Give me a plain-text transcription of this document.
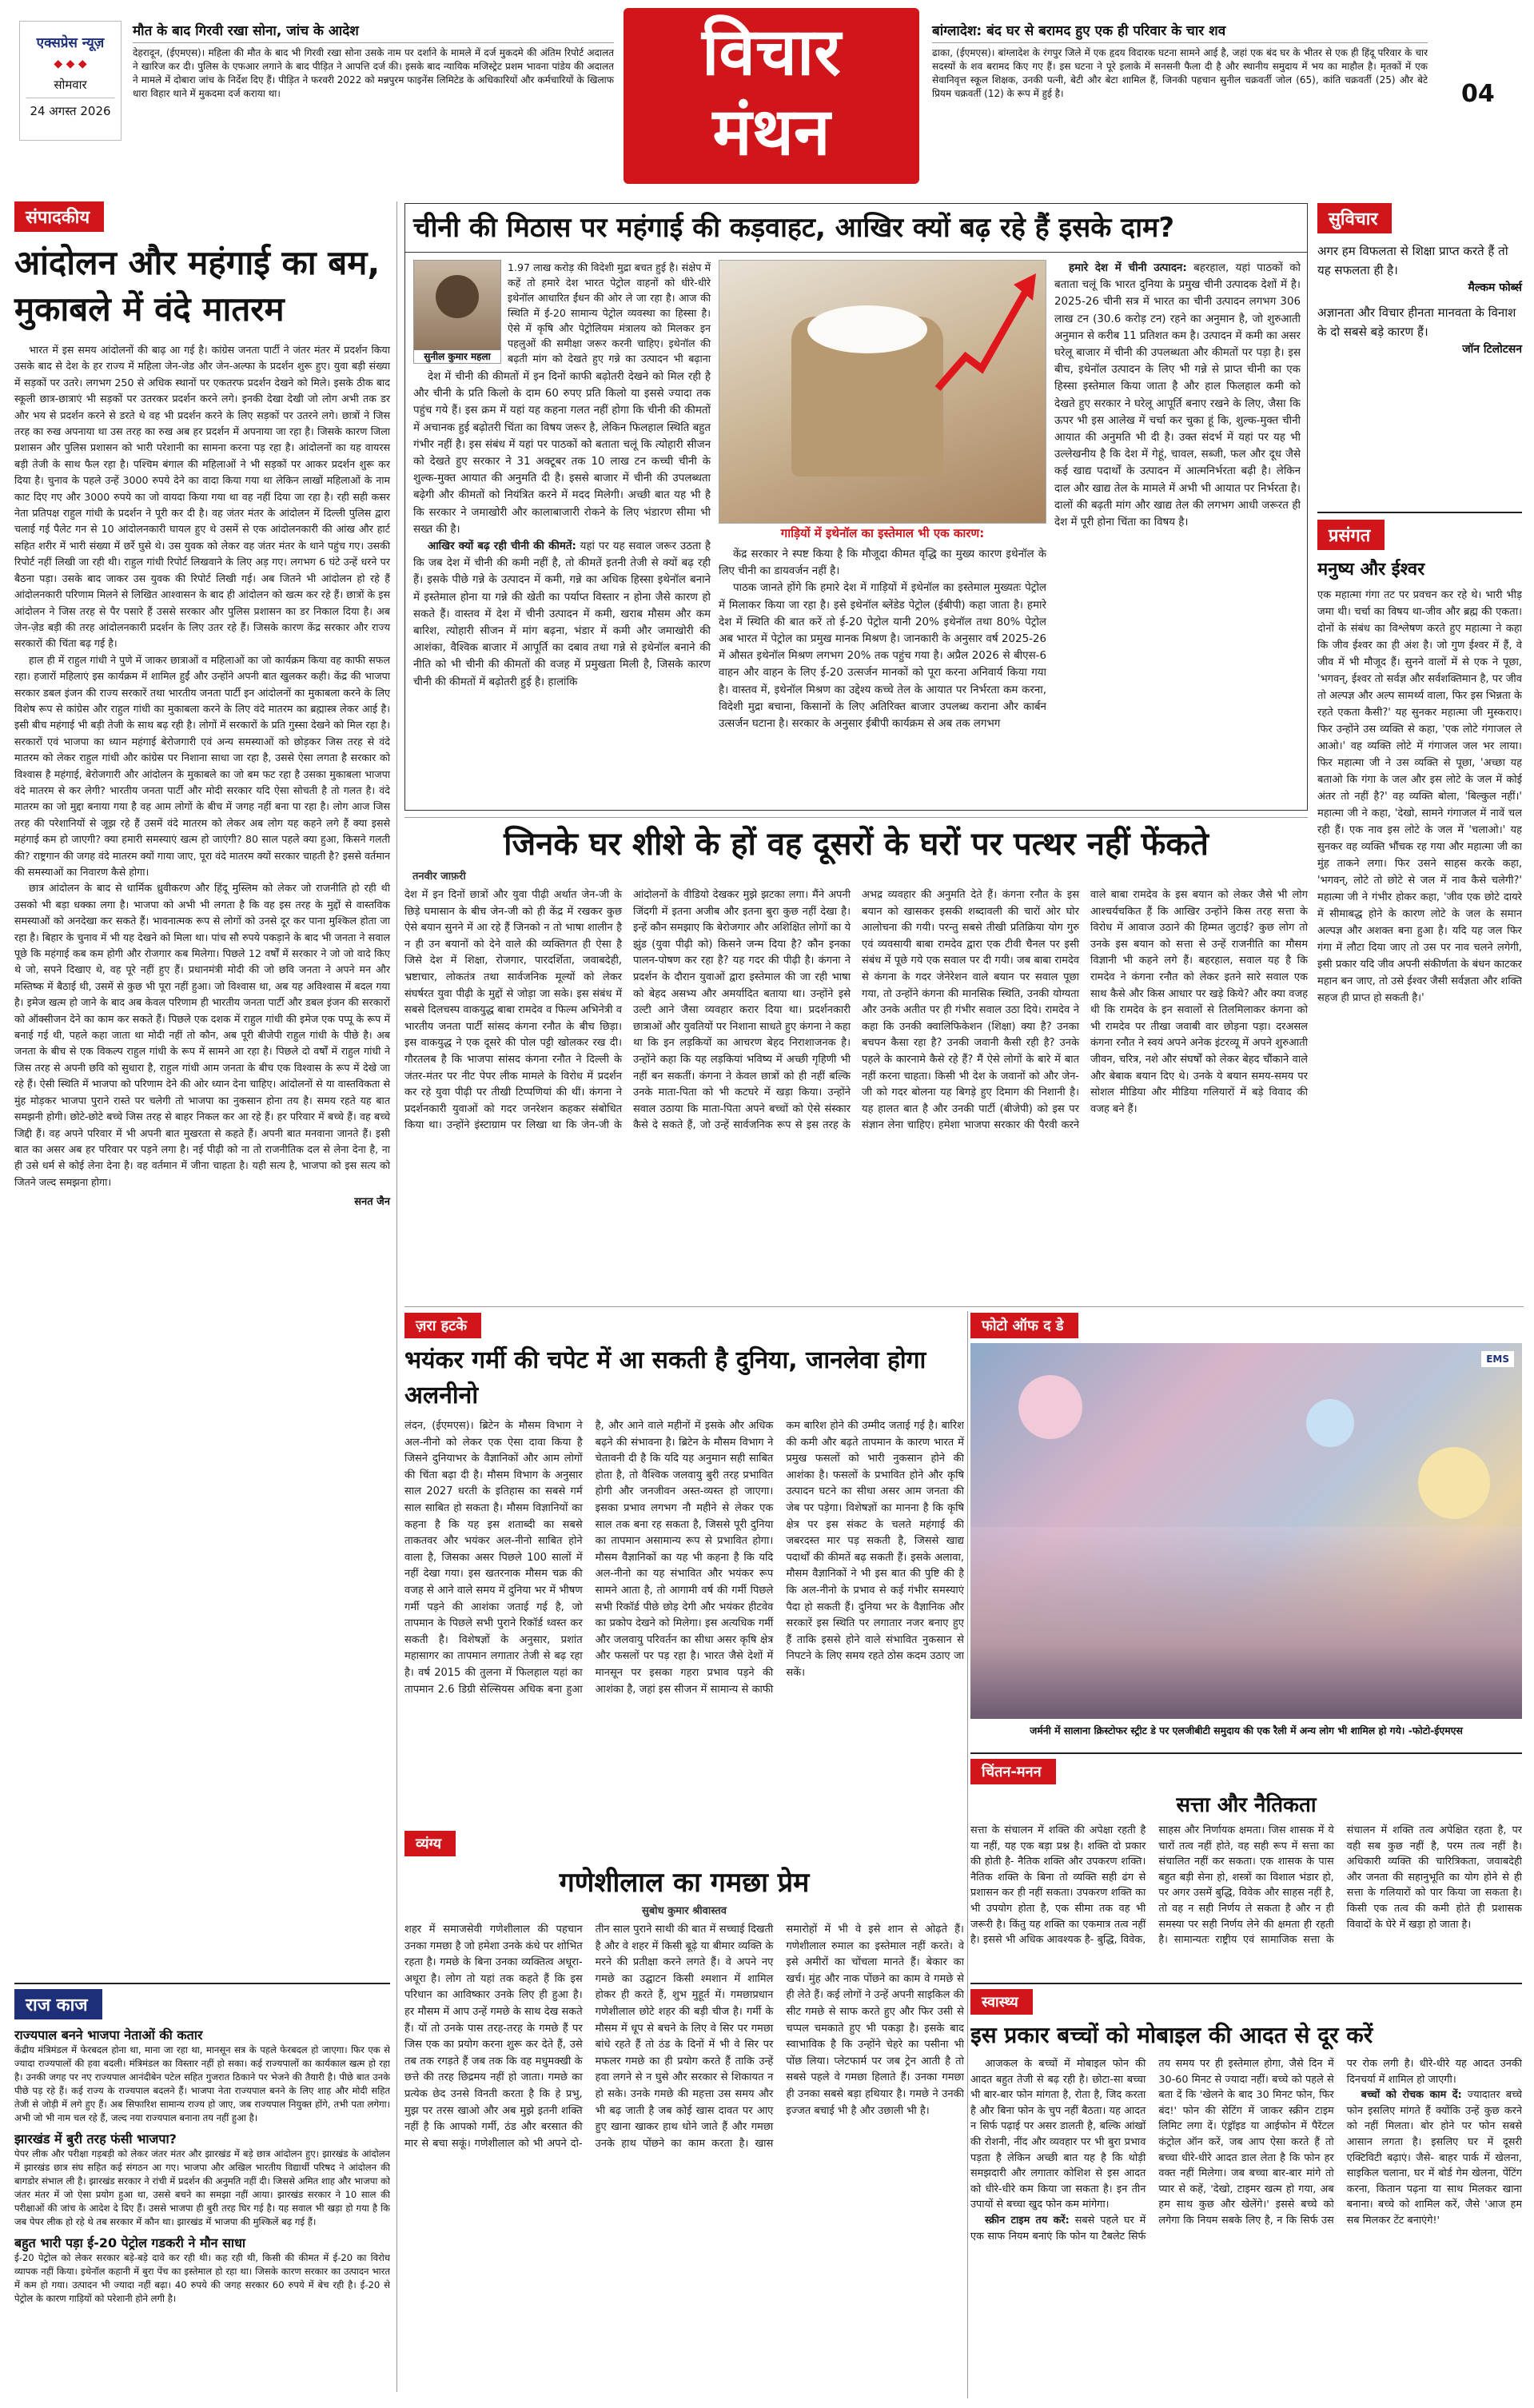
एक्सप्रेस न्यूज़
◆ ◆ ◆
सोमवार
24 अगस्त 2026
मौत के बाद गिरवी रखा सोना, जांच के आदेश
देहरादून, (ईएमएस)। महिला की मौत के बाद भी गिरवी रखा सोना उसके नाम पर दर्शाने के मामले में दर्ज मुकदमे की अंतिम रिपोर्ट अदालत ने खारिज कर दी। पुलिस के एफआर लगाने के बाद पीड़ित ने आपत्ति दर्ज की। इसके बाद न्यायिक मजिस्ट्रेट प्रशम भावना पांडेय की अदालत ने मामले में दोबारा जांच के निर्देश दिए हैं। पीड़ित ने फरवरी 2022 को मन्नपुरम फाइनेंस लिमिटेड के अधिकारियों और कर्मचारियों के खिलाफ धारा विहार थाने में मुकदमा दर्ज कराया था।
विचार
मंथन
बांग्लादेश: बंद घर से बरामद हुए एक ही परिवार के चार शव
ढाका, (ईएमएस)। बांग्लादेश के रंगपुर जिले में एक हृदय विदारक घटना सामने आई है, जहां एक बंद घर के भीतर से एक ही हिंदू परिवार के चार सदस्यों के शव बरामद किए गए हैं। इस घटना ने पूरे इलाके में सनसनी फैला दी है और स्थानीय समुदाय में भय का माहौल है। मृतकों में एक सेवानिवृत्त स्कूल शिक्षक, उनकी पत्नी, बेटी और बेटा शामिल हैं, जिनकी पहचान सुनील चक्रवर्ती जोल (65), कांति चक्रवर्ती (25) और बेटे प्रियम चक्रवर्ती (12) के रूप में हुई है।	04
संपादकीय
आंदोलन और महंगाई का बम, मुकाबले में वंदे मातरम

भारत में इस समय आंदोलनों की बाढ़ आ गई है। कांग्रेस जनता पार्टी ने जंतर मंतर में प्रदर्शन किया उसके बाद से देश के हर राज्य में महिला जेन-जेड और जेन-अल्फा के प्रदर्शन शुरू हुए। युवा बड़ी संख्या में सड़कों पर उतरे। लगभग 250 से अधिक स्थानों पर एकतरफ प्रदर्शन देखने को मिले। इसके ठीक बाद स्कूली छात्र-छात्राएं भी सड़कों पर उतरकर प्रदर्शन करने लगे। इनकी देखा देखी जो लोग अभी तक डर और भय से प्रदर्शन करने से डरते थे वह भी प्रदर्शन करने के लिए सड़कों पर उतरने लगे। छात्रों ने जिस तरह का रुख अपनाया था उस तरह का रुख अब हर प्रदर्शन में अपनाया जा रहा है। जिसके कारण जिला प्रशासन और पुलिस प्रशासन को भारी परेशानी का सामना करना पड़ रहा है। आंदोलनों का यह वायरस बड़ी तेजी के साथ फैल रहा है। पश्चिम बंगाल की महिलाओं ने भी सड़कों पर आकर प्रदर्शन शुरू कर दिया है। चुनाव के पहले उन्हें 3000 रुपये देने का वादा किया गया था लेकिन लाखों महिलाओं के नाम काट दिए गए और 3000 रुपये का जो वायदा किया गया था वह नहीं दिया जा रहा है। रही सही कसर नेता प्रतिपक्ष राहुल गांधी के प्रदर्शन ने पूरी कर दी है। वह जंतर मंतर के आंदोलन में दिल्ली पुलिस द्वारा चलाई गई पैलेट गन से 10 आंदोलनकारी घायल हुए थे उसमें से एक आंदोलनकारी की आंख और हार्ट सहित शरीर में भारी संख्या में छर्रे घुसे थे। उस युवक को लेकर वह जंतर मंतर के थाने पहुंच गए। उसकी रिपोर्ट नहीं लिखी जा रही थी। राहुल गांधी रिपोर्ट लिखवाने के लिए अड़ गए। लगभग 6 घंटे उन्हें धरने पर बैठना पड़ा। उसके बाद जाकर उस युवक की रिपोर्ट लिखी गई। अब जितने भी आंदोलन हो रहे हैं आंदोलनकारी परिणाम मिलने से लिखित आश्वासन के बाद ही आंदोलन को खत्म कर रहे हैं। छात्रों के इस आंदोलन ने जिस तरह से पैर पसारे हैं उससे सरकार और पुलिस प्रशासन का डर निकाल दिया है। अब जेन-ज़ेड बड़ी की तरह आंदोलनकारी प्रदर्शन के लिए उतर रहे हैं। जिसके कारण केंद्र सरकार और राज्य सरकारों की चिंता बढ़ गई है।

हाल ही में राहुल गांधी ने पुणे में जाकर छात्राओं व महिलाओं का जो कार्यक्रम किया वह काफी सफल रहा। हजारों महिलाएं इस कार्यक्रम में शामिल हुईं और उन्होंने अपनी बात खुलकर कही। केंद्र की भाजपा सरकार डबल इंजन की राज्य सरकारें तथा भारतीय जनता पार्टी इन आंदोलनों का मुकाबला करने के लिए विशेष रूप से कांग्रेस और राहुल गांधी का मुकाबला करने के लिए वंदे मातरम का ब्रह्मास्त्र लेकर आई है। इसी बीच महंगाई भी बड़ी तेजी के साथ बढ़ रही है। लोगों में सरकारों के प्रति गुस्सा देखने को मिल रहा है। सरकारों एवं भाजपा का ध्यान महंगाई बेरोजगारी एवं अन्य समस्याओं को छोड़कर जिस तरह से वंदे मातरम को लेकर राहुल गांधी और कांग्रेस पर निशाना साधा जा रहा है, उससे ऐसा लगता है सरकार को विश्वास है महंगाई, बेरोजगारी और आंदोलन के मुकाबले का जो बम फट रहा है उसका मुकाबला भाजपा वंदे मातरम से कर लेगी? भारतीय जनता पार्टी और मोदी सरकार यदि ऐसा सोचती है तो गलत है। वंदे मातरम का जो मुद्दा बनाया गया है वह आम लोगों के बीच में जगह नहीं बना पा रहा है। लोग आज जिस तरह की परेशानियों से जूझ रहे हैं उसमें वंदे मातरम को लेकर अब लोग यह कहने लगे हैं क्या इससे महंगाई कम हो जाएगी? क्या हमारी समस्याएं खत्म हो जाएंगी? 80 साल पहले क्या हुआ, किसने गलती की? राष्ट्रगान की जगह वंदे मातरम क्यों गाया जाए, पूरा वंदे मातरम क्यों सरकार चाहती है? इससे वर्तमान की समस्याओं का निवारण कैसे होगा।

छात्र आंदोलन के बाद से धार्मिक ध्रुवीकरण और हिंदू मुस्लिम को लेकर जो राजनीति हो रही थी उसको भी बड़ा धक्का लगा है। भाजपा को अभी भी लगता है कि वह इस तरह के मुद्दों से वास्तविक समस्याओं को अनदेखा कर सकते हैं। भावनात्मक रूप से लोगों को उनसे दूर कर पाना मुश्किल होता जा रहा है। बिहार के चुनाव में भी यह देखने को मिला था। पांच सौ रुपये पकड़ाने के बाद भी जनता ने सवाल पूछे कि महंगाई कब कम होगी और रोजगार कब मिलेगा। पिछले 12 वर्षों में सरकार ने जो जो वादे किए थे जो, सपने दिखाए थे, वह पूरे नहीं हुए हैं। प्रधानमंत्री मोदी की जो छवि जनता ने अपने मन और मस्तिष्क में बैठाई थी, उसमें से कुछ भी पूरा नहीं हुआ। जो विश्वास था, अब यह अविश्वास में बदल गया है। इमेज खत्म हो जाने के बाद अब केवल परिणाम ही भारतीय जनता पार्टी और डबल इंजन की सरकारों को ऑक्सीजन देने का काम कर सकते हैं। पिछले एक दशक में राहुल गांधी की इमेज एक पप्पू के रूप में बनाई गई थी, पहले कहा जाता था मोदी नहीं तो कौन, अब पूरी बीजेपी राहुल गांधी के पीछे है। अब जनता के बीच से एक विकल्प राहुल गांधी के रूप में सामने आ रहा है। पिछले दो वर्षों में राहुल गांधी ने जिस तरह से अपनी छवि को सुधारा है, राहुल गांधी आम जनता के बीच एक विश्वास के रूप में देखे जा रहे हैं। ऐसी स्थिति में भाजपा को परिणाम देने की ओर ध्यान देना चाहिए। आंदोलनों से या वास्तविकता से मुंह मोड़कर भाजपा पुराने रास्ते पर चलेगी तो भाजपा का नुकसान होना तय है। समय रहते यह बात समझनी होगी। छोटे-छोटे बच्चे जिस तरह से बाहर निकल कर आ रहे हैं। हर परिवार में बच्चे हैं। वह बच्चे जिद्दी हैं। वह अपने परिवार में भी अपनी बात मुखरता से कहते हैं। अपनी बात मनवाना जानते हैं। इसी बात का असर अब हर परिवार पर पड़ने लगा है। नई पीढ़ी को ना तो राजनीतिक दल से लेना देना है, ना ही उसे धर्म से कोई लेना देना है। वह वर्तमान में जीना चाहता है। यही सत्य है, भाजपा को इस सत्य को जितने जल्द समझना होगा।

सनत जैन
राज काज
राज्यपाल बनने भाजपा नेताओं की कतार
केंद्रीय मंत्रिमंडल में फेरबदल होना था, माना जा रहा था, मानसून सत्र के पहले फेरबदल हो जाएगा। फिर एक से ज्यादा राज्यपालों की हवा बदली। मंत्रिमंडल का विस्तार नहीं हो सका। कई राज्यपालों का कार्यकाल खत्म हो रहा है। उनकी जगह पर नए राज्यपाल आनंदीबेन पटेल सहित गुजरात ठिकाने पर भेजने की तैयारी है। पीछे बात उनके पीछे पड़ रहे हैं। कई राज्य के राज्यपाल बदलने हैं। भाजपा नेता राज्यपाल बनने के लिए शाह और मोदी सहित तेजी से जोड़ी में लगे हुए हैं। अब सिफारिश सामान्य राज्य हो जाए, जब राज्यपाल नियुक्त होंगे, तभी पता लगेगा। अभी जो भी नाम चल रहे हैं, जल्द नया राज्यपाल बनाना तय नहीं हुआ है।
झारखंड में बुरी तरह फंसी भाजपा?
पेपर लीक और परीक्षा गड़बड़ी को लेकर जंतर मंतर और झारखंड में बड़े छात्र आंदोलन हुए। झारखंड के आंदोलन में झारखंड छात्र संघ सहित कई संगठन आ गए। भाजपा और अखिल भारतीय विद्यार्थी परिषद ने आंदोलन की बागडोर संभाल ली है। झारखंड सरकार ने रांची में प्रदर्शन की अनुमति नहीं दी। जिससे अमित शाह और भाजपा को जंतर मंतर में जो ऐसा प्रयोग हुआ था, उससे बचने का समझा नहीं आया। झारखंड सरकार ने 10 साल की परीक्षाओं की जांच के आदेश दे दिए हैं। उससे भाजपा ही बुरी तरह घिर गई है। यह सवाल भी खड़ा हो गया है कि जब पेपर लीक हो रहे थे तब सरकार में कौन था। झारखंड में भाजपा की मुश्किलें बढ़ गई हैं।
बहुत भारी पड़ा ई-20 पेट्रोल गडकरी ने मौन साधा
ई-20 पेट्रोल को लेकर सरकार बड़े-बड़े दावे कर रही थी। कह रही थी, किसी की कीमत में ई-20 का विरोध व्यापक नहीं किया। इथेनॉल कहानी में बुरा पेंच का इस्तेमाल हो रहा था। जिसके कारण सरकार का उत्पादन भारत में कम हो गया। उत्पादन भी ज्यादा नहीं बढ़ा। 40 रुपये की जगह सरकार 60 रुपये में बेच रही है। ई-20 से पेट्रोल के कारण गाड़ियों को परेशानी होने लगी है।
चीनी की मिठास पर महंगाई की कड़वाहट, आखिर क्यों बढ़ रहे हैं इसके दाम?
सुनील कुमार महला

देश में चीनी की कीमतों में इन दिनों काफी बढ़ोतरी देखने को मिल रही है और चीनी के प्रति किलो के दाम 60 रुपए प्रति किलो या इससे ज्यादा तक पहुंच गये हैं। इस क्रम में यहां यह कहना गलत नहीं होगा कि चीनी की कीमतों में अचानक हुई बढ़ोतरी चिंता का विषय जरूर है, लेकिन फिलहाल स्थिति बहुत गंभीर नहीं है। इस संबंध में यहां पर पाठकों को बताता चलूं कि त्योहारी सीजन को देखते हुए सरकार ने 31 अक्टूबर तक 10 लाख टन कच्ची चीनी के शुल्क-मुक्त आयात की अनुमति दी है। इससे बाजार में चीनी की उपलब्धता बढ़ेगी और कीमतों को नियंत्रित करने में मदद मिलेगी। अच्छी बात यह भी है कि सरकार ने जमाखोरी और कालाबाजारी रोकने के लिए भंडारण सीमा भी सख्त की है।

आखिर क्यों बढ़ रही चीनी की कीमतें: यहां पर यह सवाल जरूर उठता है कि जब देश में चीनी की कमी नहीं है, तो कीमतें इतनी तेजी से क्यों बढ़ रही हैं। इसके पीछे गन्ने के उत्पादन में कमी, गन्ने का अधिक हिस्सा इथेनॉल बनाने में इस्तेमाल होना या गन्ने की खेती का पर्याप्त विस्तार न होना जैसे कारण हो सकते हैं। वास्तव में देश में चीनी उत्पादन में कमी, खराब मौसम और कम बारिश, त्योहारी सीजन में मांग बढ़ना, भंडार में कमी और जमाखोरी की आशंका, वैश्विक बाजार में आपूर्ति का दबाव तथा गन्ने से इथेनॉल बनाने की नीति को भी चीनी की कीमतों की वजह में प्रमुखता मिली है, जिसके कारण चीनी की कीमतों में बढ़ोतरी हुई है। हालांकि

1.97 लाख करोड़ की विदेशी मुद्रा बचत हुई है। संक्षेप में कहें तो हमारे देश भारत पेट्रोल वाहनों को धीरे-धीरे इथेनॉल आधारित ईंधन की ओर ले जा रहा है। आज की स्थिति में ई-20 सामान्य पेट्रोल व्यवस्था का हिस्सा है। ऐसे में कृषि और पेट्रोलियम मंत्रालय को मिलकर इन पहलुओं की समीक्षा जरूर करनी चाहिए। इथेनॉल की बढ़ती मांग को देखते हुए गन्ने का उत्पादन भी बढ़ाना
गाड़ियों में इथेनॉल का इस्तेमाल भी एक कारण:

केंद्र सरकार ने स्पष्ट किया है कि मौजूदा कीमत वृद्धि का मुख्य कारण इथेनॉल के लिए चीनी का डायवर्जन नहीं है।

पाठक जानते होंगे कि हमारे देश में गाड़ियों में इथेनॉल का इस्तेमाल मुख्यतः पेट्रोल में मिलाकर किया जा रहा है। इसे इथेनॉल ब्लेंडेड पेट्रोल (ईबीपी) कहा जाता है। हमारे देश में स्थिति की बात करें तो ई-20 पेट्रोल यानी 20% इथेनॉल तथा 80% पेट्रोल अब भारत में पेट्रोल का प्रमुख मानक मिश्रण है। जानकारी के अनुसार वर्ष 2025-26 में औसत इथेनॉल मिश्रण लगभग 20% तक पहुंच गया है। अप्रैल 2026 से बीएस-6 वाहन और वाहन के लिए ई-20 उत्सर्जन मानकों को पूरा करना अनिवार्य किया गया है। वास्तव में, इथेनॉल मिश्रण का उद्देश्य कच्चे तेल के आयात पर निर्भरता कम करना, विदेशी मुद्रा बचाना, किसानों के लिए अतिरिक्त बाजार उपलब्ध कराना और कार्बन उत्सर्जन घटाना है। सरकार के अनुसार ईबीपी कार्यक्रम से अब तक लगभग

हमारे देश में चीनी उत्पादन: बहरहाल, यहां पाठकों को बताता चलूं कि भारत दुनिया के प्रमुख चीनी उत्पादक देशों में है। 2025-26 चीनी सत्र में भारत का चीनी उत्पादन लगभग 306 लाख टन (30.6 करोड़ टन) रहने का अनुमान है, जो शुरुआती अनुमान से करीब 11 प्रतिशत कम है। उत्पादन में कमी का असर घरेलू बाजार में चीनी की उपलब्धता और कीमतों पर पड़ा है। इस बीच, इथेनॉल उत्पादन के लिए भी गन्ने से प्राप्त चीनी का एक हिस्सा इस्तेमाल किया जाता है और हाल फिलहाल कमी को देखते हुए सरकार ने घरेलू आपूर्ति बनाए रखने के लिए, जैसा कि ऊपर भी इस आलेख में चर्चा कर चुका हूं कि, शुल्क-मुक्त चीनी आयात की अनुमति भी दी है। उक्त संदर्भ में यहां पर यह भी उल्लेखनीय है कि देश में गेहूं, चावल, सब्जी, फल और दूध जैसे कई खाद्य पदार्थों के उत्पादन में आत्मनिर्भरता बढ़ी है। लेकिन दाल और खाद्य तेल के मामले में अभी भी आयात पर निर्भरता है। दालों की बढ़ती मांग और खाद्य तेल की लगभग आधी जरूरत ही देश में पूरी होना चिंता का विषय है।

सुविचार
अगर हम विफलता से शिक्षा प्राप्त करते हैं तो यह सफलता ही है।
मैल्कम फोर्ब्स
अज्ञानता और विचार हीनता मानवता के विनाश के दो सबसे बड़े कारण हैं।
जॉन टिलोटसन
प्रसंगत
मनुष्य और ईश्वर
एक महात्मा गंगा तट पर प्रवचन कर रहे थे। भारी भीड़ जमा थी। चर्चा का विषय था-जीव और ब्रह्म की एकता। दोनों के संबंध का विश्लेषण करते हुए महात्मा ने कहा कि जीव ईश्वर का ही अंश है। जो गुण ईश्वर में हैं, वे जीव में भी मौजूद हैं। सुनने वालों में से एक ने पूछा, 'भगवन्, ईश्वर तो सर्वज्ञ और सर्वशक्तिमान है, पर जीव तो अल्पज्ञ और अल्प सामर्थ्य वाला, फिर इस भिन्नता के रहते एकता कैसी?' यह सुनकर महात्मा जी मुस्कराए। फिर उन्होंने उस व्यक्ति से कहा, 'एक लोटे गंगाजल ले आओ।' वह व्यक्ति लोटे में गंगाजल जल भर लाया। फिर महात्मा जी ने उस व्यक्ति से पूछा, 'अच्छा यह बताओ कि गंगा के जल और इस लोटे के जल में कोई अंतर तो नहीं है?' वह व्यक्ति बोला, 'बिल्कुल नहीं।' महात्मा जी ने कहा, 'देखो, सामने गंगाजल में नावें चल रही हैं। एक नाव इस लोटे के जल में 'चलाओ।' यह सुनकर वह व्यक्ति भौंचक रह गया और महात्मा जी का मुंह ताकने लगा। फिर उसने साहस करके कहा, 'भगवन्, लोटे तो छोटे से जल में नाव कैसे चलेगी?' महात्मा जी ने गंभीर होकर कहा, 'जीव एक छोटे दायरे में सीमाबद्ध होने के कारण लोटे के जल के समान अल्पज्ञ और अशक्त बना हुआ है। यदि यह जल फिर गंगा में लौटा दिया जाए तो उस पर नाव चलने लगेगी, इसी प्रकार यदि जीव अपनी संकीर्णता के बंधन काटकर महान बन जाए, तो उसे ईश्वर जैसी सर्वज्ञता और शक्ति सहज ही प्राप्त हो सकती है।'
जिनके घर शीशे के हों वह दूसरों के घरों पर पत्थर नहीं फेंकते
तनवीर जाफ़री
देश में इन दिनों छात्रों और युवा पीढ़ी अर्थात जेन-जी के छिड़े घमासान के बीच जेन-जी को ही केंद्र में रखकर कुछ ऐसे बयान सुनने में आ रहे हैं जिनको न तो भाषा शालीन है न ही उन बयानों को देने वाले की व्यक्तिगत ही ऐसा है जिसे देश में शिक्षा, रोजगार, पारदर्शिता, जवाबदेही, भ्रष्टाचार, लोकतंत्र तथा सार्वजनिक मूल्यों को लेकर संघर्षरत युवा पीढ़ी के मुद्दों से जोड़ा जा सके। इस संबंध में सबसे दिलचस्प वाकयुद्ध बाबा रामदेव व फिल्म अभिनेत्री व भारतीय जनता पार्टी सांसद कंगना रनौत के बीच छिड़ा। इस वाकयुद्ध ने एक दूसरे की पोल पट्टी खोलकर रख दी। गौरतलब है कि भाजपा सांसद कंगना रनौत ने दिल्ली के जंतर-मंतर पर नीट पेपर लीक मामले के विरोध में प्रदर्शन कर रहे युवा पीढ़ी पर तीखी टिप्पणियां की थीं। कंगना ने प्रदर्शनकारी युवाओं को गदर जनरेशन कहकर संबोधित किया था। उन्होंने इंस्टाग्राम पर लिखा था कि जेन-जी के आंदोलनों के वीडियो देखकर मुझे झटका लगा। मैंने अपनी जिंदगी में इतना अजीब और इतना बुरा कुछ नहीं देखा है। इन्हें कौन समझाए कि बेरोजगार और अशिक्षित लोगों का ये झुंड (युवा पीढ़ी को) किसने जन्म दिया है? कौन इनका पालन-पोषण कर रहा है? यह गदर की पीढ़ी है। कंगना ने प्रदर्शन के दौरान युवाओं द्वारा इस्तेमाल की जा रही भाषा को बेहद असभ्य और अमर्यादित बताया था। उन्होंने इसे उल्टी आने जैसा व्यवहार करार दिया था। प्रदर्शनकारी छात्राओं और युवतियों पर निशाना साधते हुए कंगना ने कहा था कि इन लड़कियों का आचरण बेहद निराशाजनक है। उन्होंने कहा कि यह लड़कियां भविष्य में अच्छी गृहिणी भी नहीं बन सकतीं। कंगना ने केवल छात्रों को ही नहीं बल्कि उनके माता-पिता को भी कटघरे में खड़ा किया। उन्होंने सवाल उठाया कि माता-पिता अपने बच्चों को ऐसे संस्कार कैसे दे सकते हैं, जो उन्हें सार्वजनिक रूप से इस तरह के अभद्र व्यवहार की अनुमति देते हैं। कंगना रनौत के इस बयान को खासकर इसकी शब्दावली की चारों ओर घोर आलोचना की गयी। परन्तु सबसे तीखी प्रतिक्रिया योग गुरु एवं व्यवसायी बाबा रामदेव द्वारा एक टीवी चैनल पर इसी संबंध में पूछे गये एक सवाल पर दी गयी। जब बाबा रामदेव से कंगना के गदर जेनेरेशन वाले बयान पर सवाल पूछा गया, तो उन्होंने कंगना की मानसिक स्थिति, उनकी योग्यता और उनके अतीत पर ही गंभीर सवाल उठा दिये। रामदेव ने कहा कि उनकी क्वालिफिकेशन (शिक्षा) क्या है? उनका बचपन कैसा रहा है? उनकी जवानी कैसी रही है? उनके पहले के कारनामे कैसे रहे हैं? मैं ऐसे लोगों के बारे में बात नहीं करना चाहता। किसी भी देश के जवानों को और जेन-जी को गदर बोलना यह बिगड़े हुए दिमाग की निशानी है। यह हालत बात है और उनकी पार्टी (बीजेपी) को इस पर संज्ञान लेना चाहिए। हमेशा भाजपा सरकार की पैरवी करने वाले बाबा रामदेव के इस बयान को लेकर जैसे भी लोग आश्चर्यचकित हैं कि आखिर उन्होंने किस तरह सत्ता के विरोध में आवाज उठाने की हिम्मत जुटाई? कुछ लोग तो उनके इस बयान को सत्ता से उन्हें राजनीति का मौसम विज्ञानी भी कहने लगे हैं। बहरहाल, सवाल यह है कि रामदेव ने कंगना रनौत को लेकर इतने सारे सवाल एक साथ कैसे और किस आधार पर खड़े किये? और क्या वजह थी कि रामदेव के इन सवालों से तिलमिलाकर कंगना को भी रामदेव पर तीखा जवाबी वार छोड़ना पड़ा। दरअसल कंगना रनौत ने स्वयं अपने अनेक इंटरव्यू में अपने शुरुआती जीवन, चरित्र, नशे और संघर्षों को लेकर बेहद चौंकाने वाले और बेबाक बयान दिए थे। उनके ये बयान समय-समय पर सोशल मीडिया और मीडिया गलियारों में बड़े विवाद की वजह बने हैं।
ज़रा हटके
भयंकर गर्मी की चपेट में आ सकती है दुनिया, जानलेवा होगा अलनीनो
लंदन, (ईएमएस)। ब्रिटेन के मौसम विभाग ने अल-नीनो को लेकर एक ऐसा दावा किया है जिसने दुनियाभर के वैज्ञानिकों और आम लोगों की चिंता बढ़ा दी है। मौसम विभाग के अनुसार साल 2027 धरती के इतिहास का सबसे गर्म साल साबित हो सकता है। मौसम विज्ञानियों का कहना है कि यह इस शताब्दी का सबसे ताकतवर और भयंकर अल-नीनो साबित होने वाला है, जिसका असर पिछले 100 सालों में नहीं देखा गया। इस खतरनाक मौसम चक्र की वजह से आने वाले समय में दुनिया भर में भीषण गर्मी पड़ने की आशंका जताई गई है, जो तापमान के पिछले सभी पुराने रिकॉर्ड ध्वस्त कर सकती है। विशेषज्ञों के अनुसार, प्रशांत महासागर का तापमान लगातार तेजी से बढ़ रहा है। वर्ष 2015 की तुलना में फिलहाल यहां का तापमान 2.6 डिग्री सेल्सियस अधिक बना हुआ है, और आने वाले महीनों में इसके और अधिक बढ़ने की संभावना है। ब्रिटेन के मौसम विभाग ने चेतावनी दी है कि यदि यह अनुमान सही साबित होता है, तो वैश्विक जलवायु बुरी तरह प्रभावित होगी और जनजीवन अस्त-व्यस्त हो जाएगा। इसका प्रभाव लगभग नौ महीने से लेकर एक साल तक बना रह सकता है, जिससे पूरी दुनिया का तापमान असामान्य रूप से प्रभावित होगा। मौसम वैज्ञानिकों का यह भी कहना है कि यदि अल-नीनो का यह संभावित और भयंकर रूप सामने आता है, तो आगामी वर्ष की गर्मी पिछले सभी रिकॉर्ड पीछे छोड़ देगी और भयंकर हीटवेव का प्रकोप देखने को मिलेगा। इस अत्यधिक गर्मी और जलवायु परिवर्तन का सीधा असर कृषि क्षेत्र और फसलों पर पड़ रहा है। भारत जैसे देशों में मानसून पर इसका गहरा प्रभाव पड़ने की आशंका है, जहां इस सीजन में सामान्य से काफी कम बारिश होने की उम्मीद जताई गई है। बारिश की कमी और बढ़ते तापमान के कारण भारत में प्रमुख फसलों को भारी नुकसान होने की आशंका है। फसलों के प्रभावित होने और कृषि उत्पादन घटने का सीधा असर आम जनता की जेब पर पड़ेगा। विशेषज्ञों का मानना है कि कृषि क्षेत्र पर इस संकट के चलते महंगाई की जबरदस्त मार पड़ सकती है, जिससे खाद्य पदार्थों की कीमतें बढ़ सकती हैं। इसके अलावा, मौसम वैज्ञानिकों ने भी इस बात की पुष्टि की है कि अल-नीनो के प्रभाव से कई गंभीर समस्याएं पैदा हो सकती हैं। दुनिया भर के वैज्ञानिक और सरकारें इस स्थिति पर लगातार नजर बनाए हुए हैं ताकि इससे होने वाले संभावित नुकसान से निपटने के लिए समय रहते ठोस कदम उठाए जा सकें।
फोटो ऑफ द डे
EMS
जर्मनी में सालाना क्रिस्टोफर स्ट्रीट डे पर एलजीबीटी समुदाय की एक रैली में अन्य लोग भी शामिल हो गये। -फोटो-ईएमएस
व्यंग्य
गणेशीलाल का गमछा प्रेम
सुबोध कुमार श्रीवास्तव
शहर में समाजसेवी गणेशीलाल की पहचान उनका गमछा है जो हमेशा उनके कंधे पर शोभित रहता है। गमछे के बिना उनका व्यक्तित्व अधूरा-अधूरा है। लोग तो यहां तक कहते हैं कि इस परिधान का आविष्कार उनके लिए ही हुआ है। हर मौसम में आप उन्हें गमछे के साथ देख सकते हैं। यों तो उनके पास तरह-तरह के गमछे हैं पर जिस एक का प्रयोग करना शुरू कर देते हैं, उसे तब तक रगड़ते हैं जब तक कि वह मधुमक्खी के छत्ते की तरह छिद्रमय नहीं हो जाता। गमछे का प्रत्येक छेद उनसे विनती करता है कि हे प्रभु, मुझ पर तरस खाओ और अब मुझे इतनी शक्ति नहीं है कि आपको गर्मी, ठंड और बरसात की मार से बचा सकूं। गणेशीलाल को भी अपने दो-तीन साल पुराने साथी की बात में सच्चाई दिखती है और वे शहर में किसी बूढ़े या बीमार व्यक्ति के मरने की प्रतीक्षा करने लगते हैं। वे अपने नए गमछे का उद्घाटन किसी श्मशान में शामिल होकर ही करते हैं, शुभ मुहूर्त में। गमछाप्रधान गणेशीलाल छोटे शहर की बड़ी चीज है। गर्मी के मौसम में धूप से बचने के लिए वे सिर पर गमछा बांधे रहते हैं तो ठंड के दिनों में भी वे सिर पर मफलर गमछे का ही प्रयोग करते हैं ताकि उन्हें हवा लगने से न घुसे और सरकार से शिकायत न हो सके। उनके गमछे की महत्ता उस समय और भी बढ़ जाती है जब कोई खास दावत पर आए हुए खाना खाकर हाथ धोने जाते हैं और गमछा उनके हाथ पोंछने का काम करता है। खास समारोहों में भी वे इसे शान से ओढ़ते हैं। गणेशीलाल रुमाल का इस्तेमाल नहीं करते। वे इसे अमीरों का चोंचला मानते हैं। बेकार का खर्च। मुंह और नाक पोंछने का काम वे गमछे से ही लेते हैं। कई लोगों ने उन्हें अपनी साइकिल की सीट गमछे से साफ करते हुए और फिर उसी से चप्पल चमकाते हुए भी पकड़ा है। इसके बाद स्वाभाविक है कि उन्होंने चेहरे का पसीना भी पोंछ लिया। प्लेटफार्म पर जब ट्रेन आती है तो सबसे पहले वे गमछा हिलाते हैं। उनका गमछा ही उनका सबसे बड़ा हथियार है। गमछे ने उनकी इज्जत बचाई भी है और उछाली भी है।
चिंतन-मनन
सत्ता और नैतिकता
सत्ता के संचालन में शक्ति की अपेक्षा रहती है या नहीं, यह एक बड़ा प्रश्न है। शक्ति दो प्रकार की होती है- नैतिक शक्ति और उपकरण शक्ति। नैतिक शक्ति के बिना तो व्यक्ति सही ढंग से प्रशासन कर ही नहीं सकता। उपकरण शक्ति का भी उपयोग होता है, एक सीमा तक वह भी जरूरी है। किंतु यह शक्ति का एकमात्र तत्व नहीं है। इससे भी अधिक आवश्यक है- बुद्धि, विवेक, साहस और निर्णायक क्षमता। जिस शासक में ये चारों तत्व नहीं होते, वह सही रूप में सत्ता का संचालित नहीं कर सकता। एक शासक के पास बहुत बड़ी सेना हो, शस्त्रों का विशाल भंडार हो, पर अगर उसमें बुद्धि, विवेक और साहस नहीं है, तो वह न सही निर्णय ले सकता है और न ही समस्या पर सही निर्णय लेने की क्षमता ही रहती है। सामान्यतः राष्ट्रीय एवं सामाजिक सत्ता के संचालन में शक्ति तत्व अपेक्षित रहता है, पर वही सब कुछ नहीं है, परम तत्व नहीं है। अधिकारी व्यक्ति की चारित्रिकता, जवाबदेही और जनता की सहानुभूति का योग होने से ही सत्ता के गलियारों को पार किया जा सकता है। किसी एक तत्व की कमी होते ही प्रशासक विवादों के घेरे में खड़ा हो जाता है।
स्वास्थ्य
इस प्रकार बच्चों को मोबाइल की आदत से दूर करें

आजकल के बच्चों में मोबाइल फोन की आदत बहुत तेजी से बढ़ रही है। छोटा-सा बच्चा भी बार-बार फोन मांगता है, रोता है, जिद करता है और बिना फोन के चुप नहीं बैठता। यह आदत न सिर्फ पढ़ाई पर असर डालती है, बल्कि आंखों की रोशनी, नींद और व्यवहार पर भी बुरा प्रभाव पड़ता है लेकिन अच्छी बात यह है कि थोड़ी समझदारी और लगातार कोशिश से इस आदत को धीरे-धीरे कम किया जा सकता है। इन तीन उपायों से बच्चा खुद फोन कम मांगेगा।

स्क्रीन टाइम तय करें: सबसे पहले घर में एक साफ नियम बनाएं कि फोन या टैबलेट सिर्फ तय समय पर ही इस्तेमाल होगा, जैसे दिन में 30-60 मिनट से ज्यादा नहीं। बच्चे को पहले से बता दें कि 'खेलने के बाद 30 मिनट फोन, फिर बंद!' फोन की सेटिंग में जाकर स्क्रीन टाइम लिमिट लगा दें। एंड्रॉइड या आईफोन में पैरेंटल कंट्रोल ऑन करें, जब आप ऐसा करते हैं तो बच्चा धीरे-धीरे आदत डाल लेता है कि फोन हर वक्त नहीं मिलेगा। जब बच्चा बार-बार मांगे तो प्यार से कहें, 'देखो, टाइमर खत्म हो गया, अब हम साथ कुछ और खेलेंगे।' इससे बच्चे को लगेगा कि नियम सबके लिए है, न कि सिर्फ उस पर रोक लगी है। धीरे-धीरे यह आदत उनकी दिनचर्या में शामिल हो जाएगी।

बच्चों को रोचक काम दें: ज्यादातर बच्चे फोन इसलिए मांगते हैं क्योंकि उन्हें कुछ करने को नहीं मिलता। बोर होने पर फोन सबसे आसान लगता है। इसलिए घर में दूसरी एक्टिविटी बढ़ाएं। जैसे- बाहर पार्क में खेलना, साइकिल चलाना, घर में बोर्ड गेम खेलना, पेंटिंग करना, कितान पढ़ना या साथ मिलकर खाना बनाना। बच्चे को शामिल करें, जैसे 'आज हम सब मिलकर टेंट बनाएंगे!'
